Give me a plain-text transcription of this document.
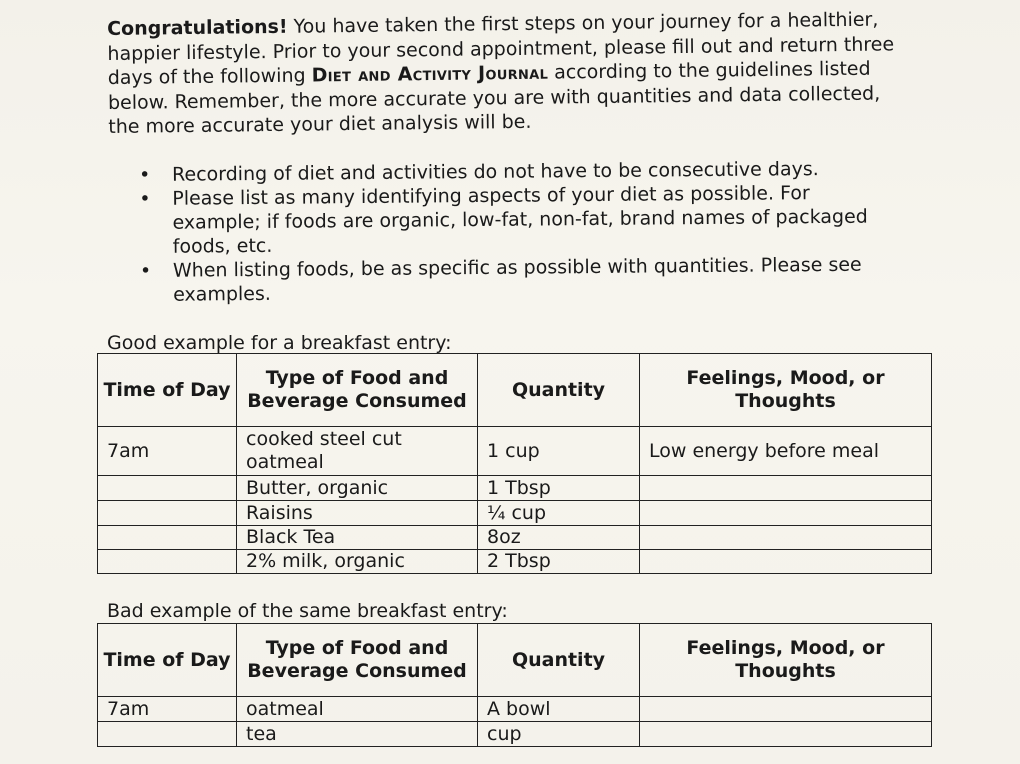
Congratulations! You have taken the first steps on your journey for a healthier, happier lifestyle. Prior to your second appointment, please fill out and return three days of the following Diet and Activity Journal according to the guidelines listed below. Remember, the more accurate you are with quantities and data collected, the more accurate your diet analysis will be.

• Recording of diet and activities do not have to be consecutive days.
• Please list as many identifying aspects of your diet as possible. For example; if foods are organic, low-fat, non-fat, brand names of packaged foods, etc.
• When listing foods, be as specific as possible with quantities. Please see examples.
Good example for a breakfast entry:
Time of Day	Type of Food and Beverage Consumed	Quantity	Feelings, Mood, or Thoughts
7am	cooked steel cut oatmeal	1 cup	Low energy before meal
	Butter, organic	1 Tbsp	
	Raisins	¼ cup	
	Black Tea	8oz	
	2% milk, organic	2 Tbsp	
Bad example of the same breakfast entry:
Time of Day	Type of Food and Beverage Consumed	Quantity	Feelings, Mood, or Thoughts
7am	oatmeal	A bowl	
	tea	cup	
